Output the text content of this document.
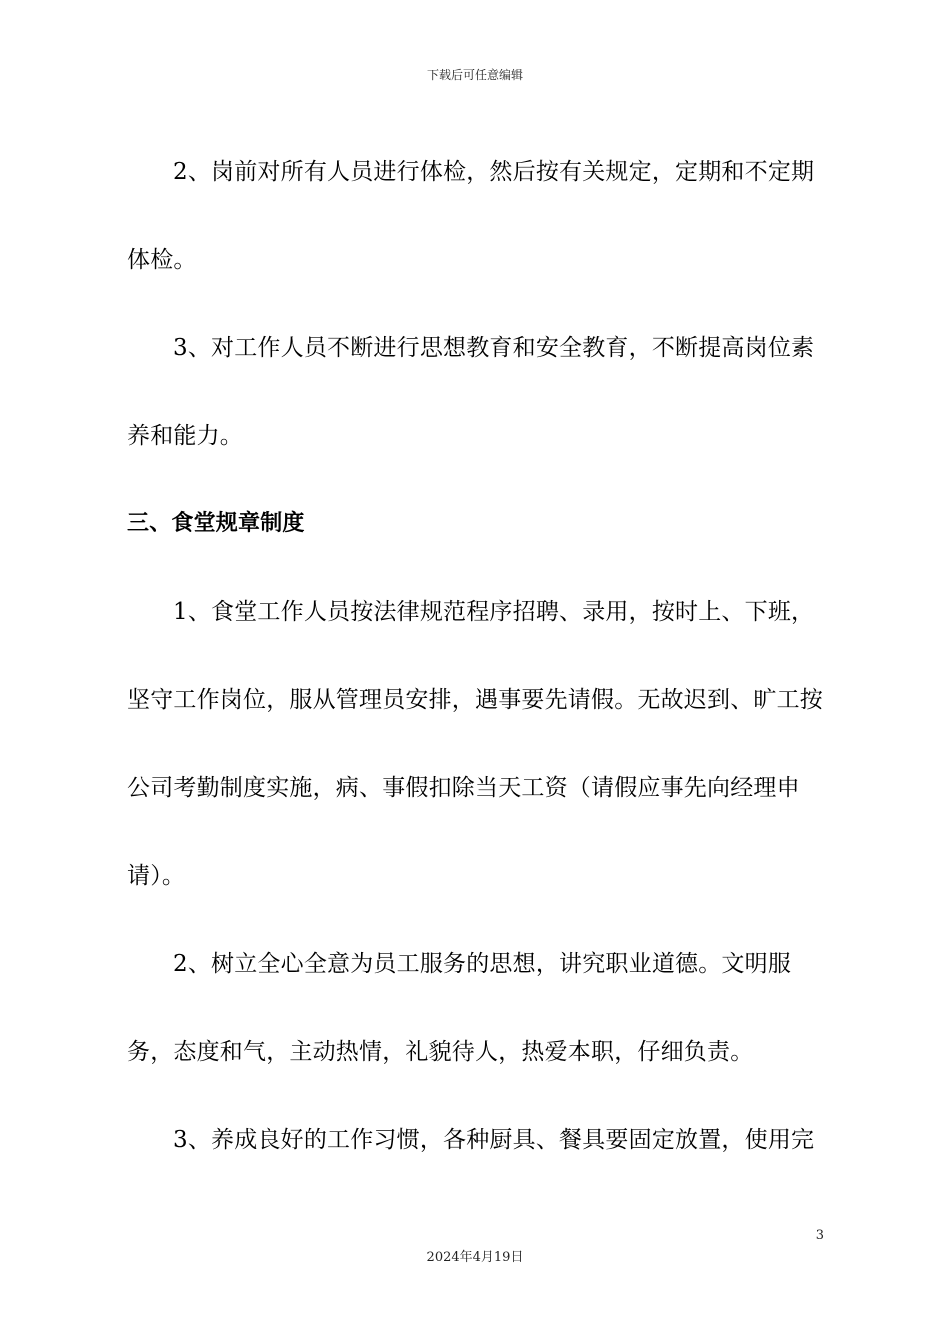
下载后可任意编辑
2、岗前对所有人员进行体检，然后按有关规定，定期和不定期
体检。
3、对工作人员不断进行思想教育和安全教育，不断提高岗位素
养和能力。
三、食堂规章制度
1、食堂工作人员按法律规范程序招聘、录用，按时上、下班，
坚守工作岗位，服从管理员安排，遇事要先请假。无故迟到、旷工按
公司考勤制度实施，病、事假扣除当天工资（请假应事先向经理申
请）。
2、树立全心全意为员工服务的思想，讲究职业道德。文明服
务，态度和气，主动热情，礼貌待人，热爱本职，仔细负责。
3、养成良好的工作习惯，各种厨具、餐具要固定放置，使用完
3
2024年4月19日
